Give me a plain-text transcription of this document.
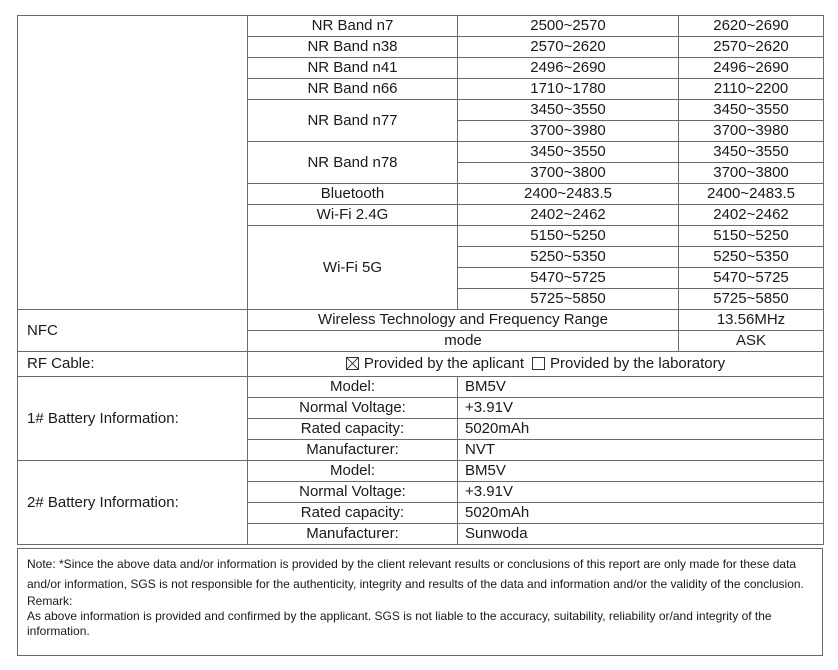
	NR Band n7	2500~2570	2620~2690
	NR Band n38	2570~2620	2570~2620
	NR Band n41	2496~2690	2496~2690
	NR Band n66	1710~1780	2110~2200
	NR Band n77	3450~3550	3450~3550
		3700~3980	3700~3980
	NR Band n78	3450~3550	3450~3550
		3700~3800	3700~3800
	Bluetooth	2400~2483.5	2400~2483.5
	Wi-Fi 2.4G	2402~2462	2402~2462
	Wi-Fi 5G	5150~5250	5150~5250
		5250~5350	5250~5350
		5470~5725	5470~5725
		5725~5850	5725~5850
NFC	Wireless Technology and Frequency Range		13.56MHz
	mode		ASK
RF Cable:	Provided by the aplicant Provided by the laboratory		
1# Battery Information:	Model:	BM5V	
	Normal Voltage:	+3.91V	
	Rated capacity:	5020mAh	
	Manufacturer:	NVT	
2# Battery Information:	Model:	BM5V	
	Normal Voltage:	+3.91V	
	Rated capacity:	5020mAh	
	Manufacturer:	Sunwoda	
Note: *Since the above data and/or information is provided by the client relevant results or conclusions of this report are only made for these data and/or information, SGS is not responsible for the authenticity, integrity and results of the data and information and/or the validity of the conclusion.
Remark:
As above information is provided and confirmed by the applicant. SGS is not liable to the accuracy, suitability, reliability or/and integrity of the information.
